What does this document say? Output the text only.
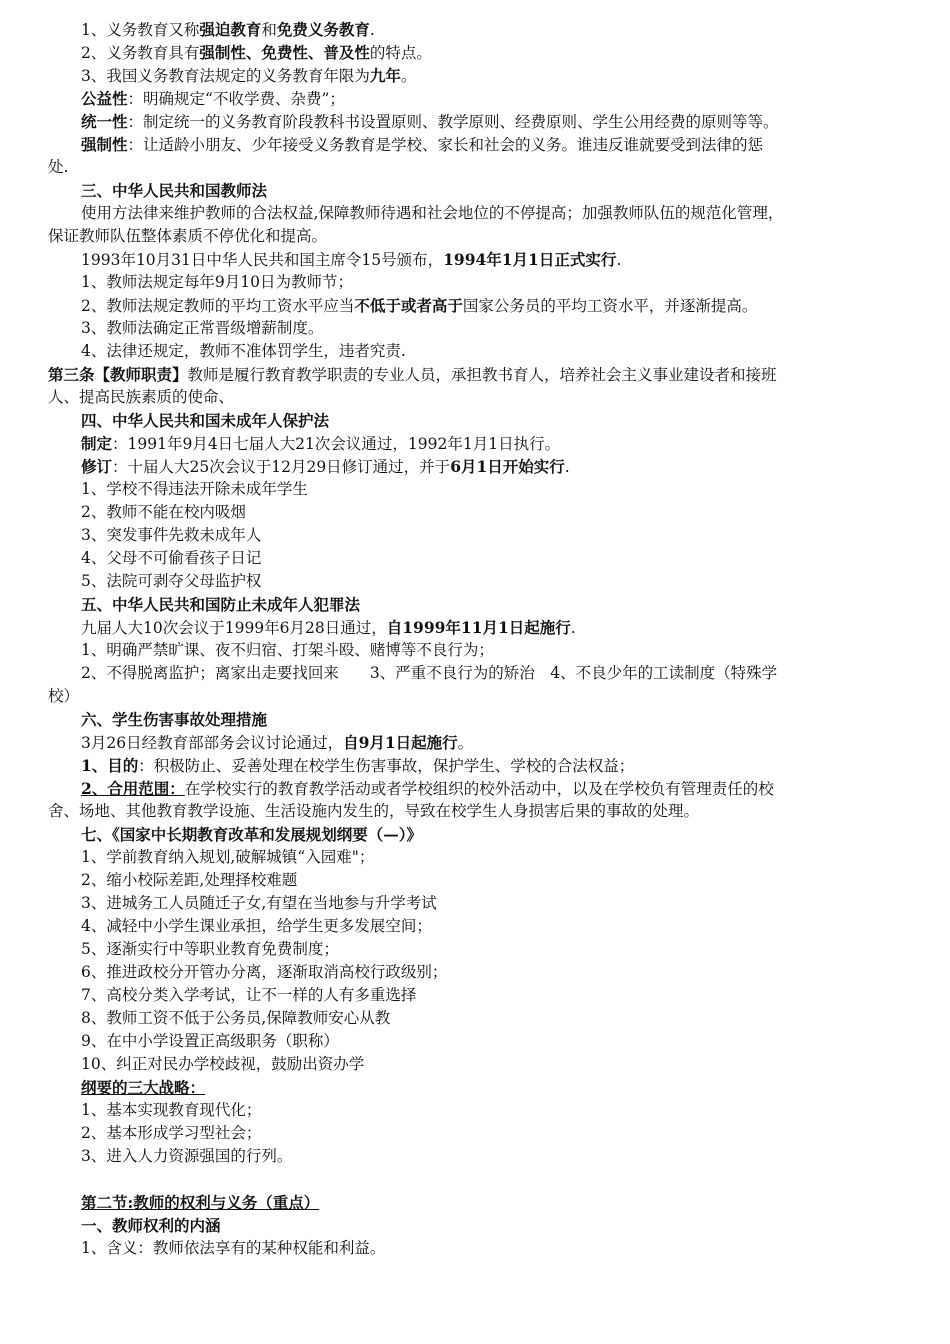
1、义务教育又称强迫教育和免费义务教育.
2、义务教育具有强制性、免费性、普及性的特点。
3、我国义务教育法规定的义务教育年限为九年。
公益性：明确规定“不收学费、杂费”；
统一性：制定统一的义务教育阶段教科书设置原则、教学原则、经费原则、学生公用经费的原则等等。
强制性：让适龄小朋友、少年接受义务教育是学校、家长和社会的义务。谁违反谁就要受到法律的惩
处.
三、中华人民共和国教师法
使用方法律来维护教师的合法权益,保障教师待遇和社会地位的不停提高；加强教师队伍的规范化管理，
保证教师队伍整体素质不停优化和提高。
1993年10月31日中华人民共和国主席令15号颁布，1994年1月1日正式实行.
1、教师法规定每年9月10日为教师节；
2、教师法规定教师的平均工资水平应当不低于或者高于国家公务员的平均工资水平，并逐渐提高。
3、教师法确定正常晋级增薪制度。
4、法律还规定，教师不准体罚学生，违者究责.
第三条【教师职责】教师是履行教育教学职责的专业人员，承担教书育人，培养社会主义事业建设者和接班
人、提高民族素质的使命、
四、中华人民共和国未成年人保护法
制定：1991年9月4日七届人大21次会议通过，1992年1月1日执行。
修订：十届人大25次会议于12月29日修订通过，并于6月1日开始实行.
1、学校不得违法开除未成年学生
2、教师不能在校内吸烟
3、突发事件先救未成年人
4、父母不可偷看孩子日记
5、法院可剥夺父母监护权
五、中华人民共和国防止未成年人犯罪法
九届人大10次会议于1999年6月28日通过，自1999年11月1日起施行.
1、明确严禁旷课、夜不归宿、打架斗殴、赌博等不良行为；
2、不得脱离监护；离家出走要找回来　　3、严重不良行为的矫治　4、不良少年的工读制度（特殊学
校）
六、学生伤害事故处理措施
3月26日经教育部部务会议讨论通过，自9月1日起施行。
1、目的：积极防止、妥善处理在校学生伤害事故，保护学生、学校的合法权益；
2、合用范围：在学校实行的教育教学活动或者学校组织的校外活动中，以及在学校负有管理责任的校
舍、场地、其他教育教学设施、生活设施内发生的，导致在校学生人身损害后果的事故的处理。
七、《国家中长期教育改革和发展规划纲要（—）》
1、学前教育纳入规划,破解城镇“入园难"；
2、缩小校际差距,处理择校难题
3、进城务工人员随迁子女,有望在当地参与升学考试
4、减轻中小学生课业承担，给学生更多发展空间；
5、逐渐实行中等职业教育免费制度；
6、推进政校分开管办分离，逐渐取消高校行政级别；
7、高校分类入学考试，让不一样的人有多重选择
8、教师工资不低于公务员,保障教师安心从教
9、在中小学设置正高级职务（职称）
10、纠正对民办学校歧视，鼓励出资办学
纲要的三大战略：
1、基本实现教育现代化；
2、基本形成学习型社会；
3、进入人力资源强国的行列。
第二节:教师的权利与义务（重点）
一、教师权利的内涵
1、含义：教师依法享有的某种权能和利益。
